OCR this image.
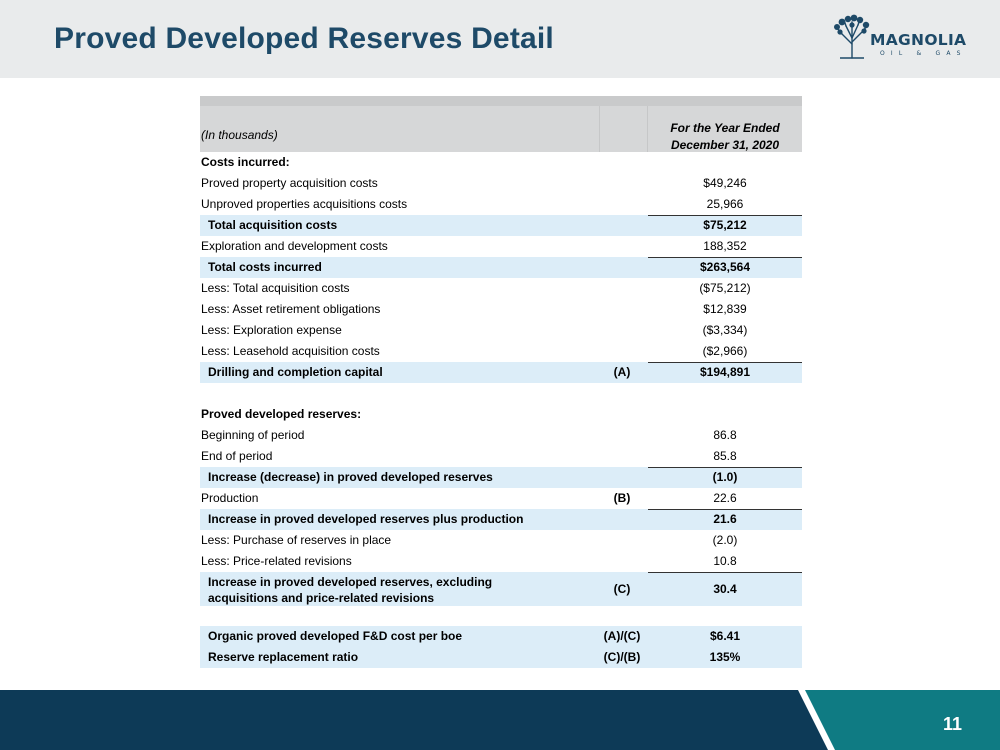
Proved Developed Reserves Detail	MAGNOLIA
OIL & GAS
(In thousands)	For the Year Ended
December 31, 2020
Costs incurred:
Proved property acquisition costs	$49,246
Unproved properties acquisitions costs	25,966
Total acquisition costs	$75,212
Exploration and development costs	188,352
Total costs incurred	$263,564
Less: Total acquisition costs	($75,212)
Less: Asset retirement obligations	$12,839
Less: Exploration expense	($3,334)
Less: Leasehold acquisition costs	($2,966)
Drilling and completion capital	(A)	$194,891
Proved developed reserves:
Beginning of period	86.8
End of period	85.8
Increase (decrease) in proved developed reserves	(1.0)
Production	(B)	22.6
Increase in proved developed reserves plus production	21.6
Less: Purchase of reserves in place	(2.0)
Less: Price-related revisions	10.8
Increase in proved developed reserves, excluding
acquisitions and price-related revisions
(C)	30.4
Organic proved developed F&D cost per boe	(A)/(C)	$6.41
Reserve replacement ratio	(C)/(B)	135%
11
